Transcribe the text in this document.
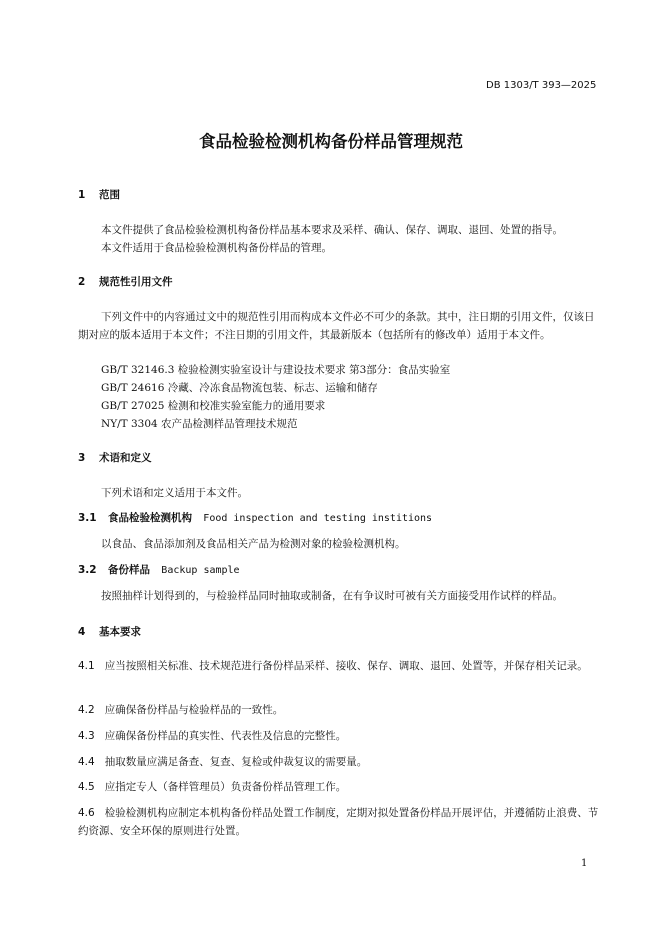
DB 1303/T 393—2025
食品检验检测机构备份样品管理规范
1 范围
本文件提供了食品检验检测机构备份样品基本要求及采样、确认、保存、调取、退回、处置的指导。
本文件适用于食品检验检测机构备份样品的管理。
2 规范性引用文件
下列文件中的内容通过文中的规范性引用而构成本文件必不可少的条款。其中，注日期的引用文件，仅该日期对应的版本适用于本文件；不注日期的引用文件，其最新版本（包括所有的修改单）适用于本文件。
GB/T 32146.3 检验检测实验室设计与建设技术要求 第3部分：食品实验室
GB/T 24616 冷藏、冷冻食品物流包装、标志、运输和储存
GB/T 27025 检测和校准实验室能力的通用要求
NY/T 3304 农产品检测样品管理技术规范
3 术语和定义
下列术语和定义适用于本文件。
3.1 食品检验检测机构 Food inspection and testing institions
以食品、食品添加剂及食品相关产品为检测对象的检验检测机构。
3.2 备份样品 Backup sample
按照抽样计划得到的，与检验样品同时抽取或制备，在有争议时可被有关方面接受用作试样的样品。
4 基本要求
4.1 应当按照相关标准、技术规范进行备份样品采样、接收、保存、调取、退回、处置等，并保存相关记录。
4.2 应确保备份样品与检验样品的一致性。
4.3 应确保备份样品的真实性、代表性及信息的完整性。
4.4 抽取数量应满足备查、复查、复检或仲裁复议的需要量。
4.5 应指定专人（备样管理员）负责备份样品管理工作。
4.6 检验检测机构应制定本机构备份样品处置工作制度，定期对拟处置备份样品开展评估，并遵循防止浪费、节约资源、安全环保的原则进行处置。
1
